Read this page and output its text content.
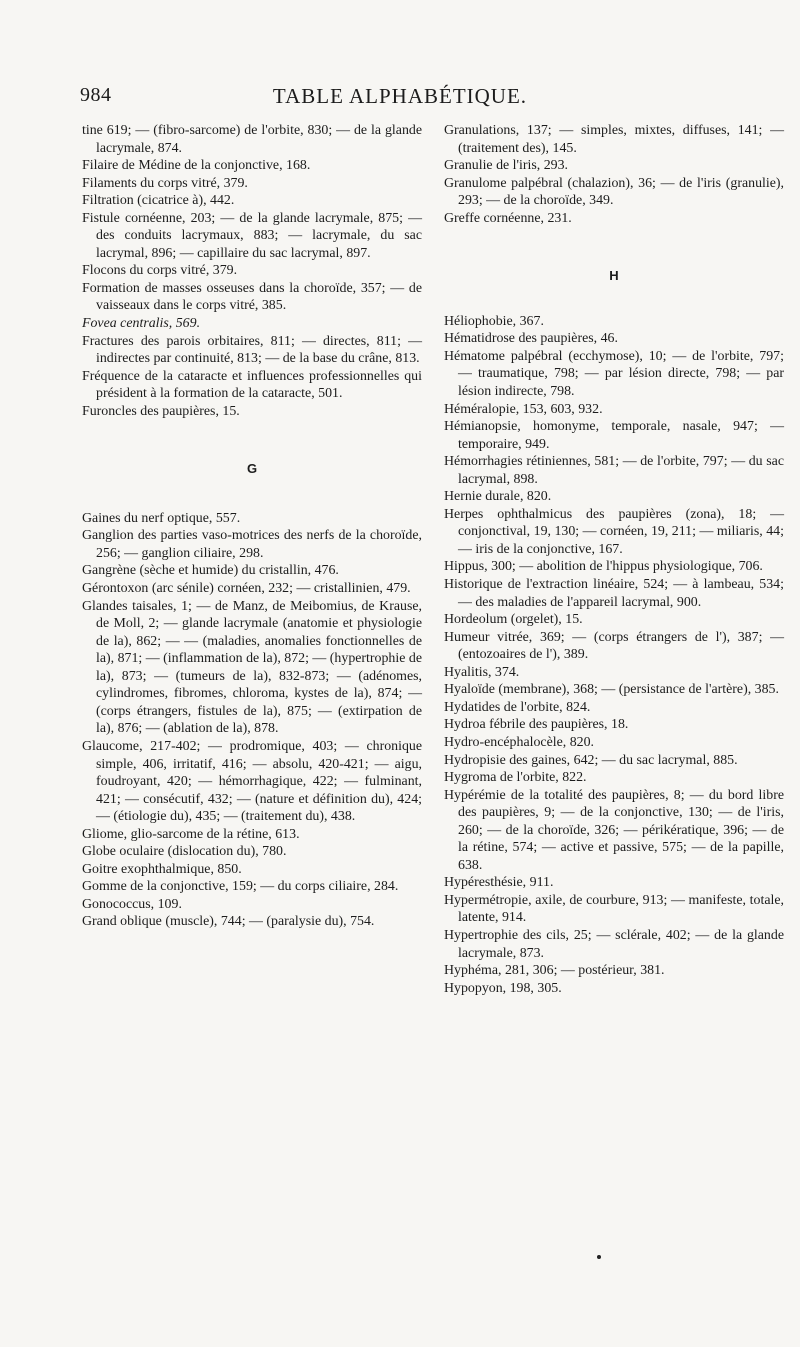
984	TABLE ALPHABÉTIQUE.
tine 619; — (fibro-sarcome) de l'orbite, 830; — de la glande lacrymale, 874.
Filaire de Médine de la conjonctive, 168.
Filaments du corps vitré, 379.
Filtration (cicatrice à), 442.
Fistule cornéenne, 203; — de la glande lacrymale, 875; — des conduits lacrymaux, 883; — lacrymale, du sac lacrymal, 896; — capillaire du sac lacrymal, 897.
Flocons du corps vitré, 379.
Formation de masses osseuses dans la choroïde, 357; — de vaisseaux dans le corps vitré, 385.
Fovea centralis, 569.
Fractures des parois orbitaires, 811; — directes, 811; — indirectes par continuité, 813; — de la base du crâne, 813.
Fréquence de la cataracte et influences professionnelles qui président à la formation de la cataracte, 501.
Furoncles des paupières, 15.
G
Gaines du nerf optique, 557.
Ganglion des parties vaso-motrices des nerfs de la choroïde, 256; — ganglion ciliaire, 298.
Gangrène (sèche et humide) du cristallin, 476.
Gérontoxon (arc sénile) cornéen, 232; — cristallinien, 479.
Glandes taisales, 1; — de Manz, de Meibomius, de Krause, de Moll, 2; — glande lacrymale (anatomie et physiologie de la), 862; — — (maladies, anomalies fonctionnelles de la), 871; — (inflammation de la), 872; — (hypertrophie de la), 873; — (tumeurs de la), 832-873; — (adénomes, cylindromes, fibromes, chloroma, kystes de la), 874; — (corps étrangers, fistules de la), 875; — (extirpation de la), 876; — (ablation de la), 878.
Glaucome, 217-402; — prodromique, 403; — chronique simple, 406, irritatif, 416; — absolu, 420-421; — aigu, foudroyant, 420; — hémorrhagique, 422; — fulminant, 421; — consécutif, 432; — (nature et définition du), 424; — (étiologie du), 435; — (traitement du), 438.
Gliome, glio-sarcome de la rétine, 613.
Globe oculaire (dislocation du), 780.
Goitre exophthalmique, 850.
Gomme de la conjonctive, 159; — du corps ciliaire, 284.
Gonococcus, 109.
Grand oblique (muscle), 744; — (paralysie du), 754.
Granulations, 137; — simples, mixtes, diffuses, 141; — (traitement des), 145.
Granulie de l'iris, 293.
Granulome palpébral (chalazion), 36; — de l'iris (granulie), 293; — de la choroïde, 349.
Greffe cornéenne, 231.
H
Héliophobie, 367.
Hématidrose des paupières, 46.
Hématome palpébral (ecchymose), 10; — de l'orbite, 797; — traumatique, 798; — par lésion directe, 798; — par lésion indirecte, 798.
Héméralopie, 153, 603, 932.
Hémianopsie, homonyme, temporale, nasale, 947; — temporaire, 949.
Hémorrhagies rétiniennes, 581; — de l'orbite, 797; — du sac lacrymal, 898.
Hernie durale, 820.
Herpes ophthalmicus des paupières (zona), 18; — conjonctival, 19, 130; — cornéen, 19, 211; — miliaris, 44; — iris de la conjonctive, 167.
Hippus, 300; — abolition de l'hippus physiologique, 706.
Historique de l'extraction linéaire, 524; — à lambeau, 534; — des maladies de l'appareil lacrymal, 900.
Hordeolum (orgelet), 15.
Humeur vitrée, 369; — (corps étrangers de l'), 387; — (entozoaires de l'), 389.
Hyalitis, 374.
Hyaloïde (membrane), 368; — (persistance de l'artère), 385.
Hydatides de l'orbite, 824.
Hydroa fébrile des paupières, 18.
Hydro-encéphalocèle, 820.
Hydropisie des gaines, 642; — du sac lacrymal, 885.
Hygroma de l'orbite, 822.
Hypérémie de la totalité des paupières, 8; — du bord libre des paupières, 9; — de la conjonctive, 130; — de l'iris, 260; — de la choroïde, 326; — périkératique, 396; — de la rétine, 574; — active et passive, 575; — de la papille, 638.
Hypéresthésie, 911.
Hypermétropie, axile, de courbure, 913; — manifeste, totale, latente, 914.
Hypertrophie des cils, 25; — sclérale, 402; — de la glande lacrymale, 873.
Hyphéma, 281, 306; — postérieur, 381.
Hypopyon, 198, 305.
